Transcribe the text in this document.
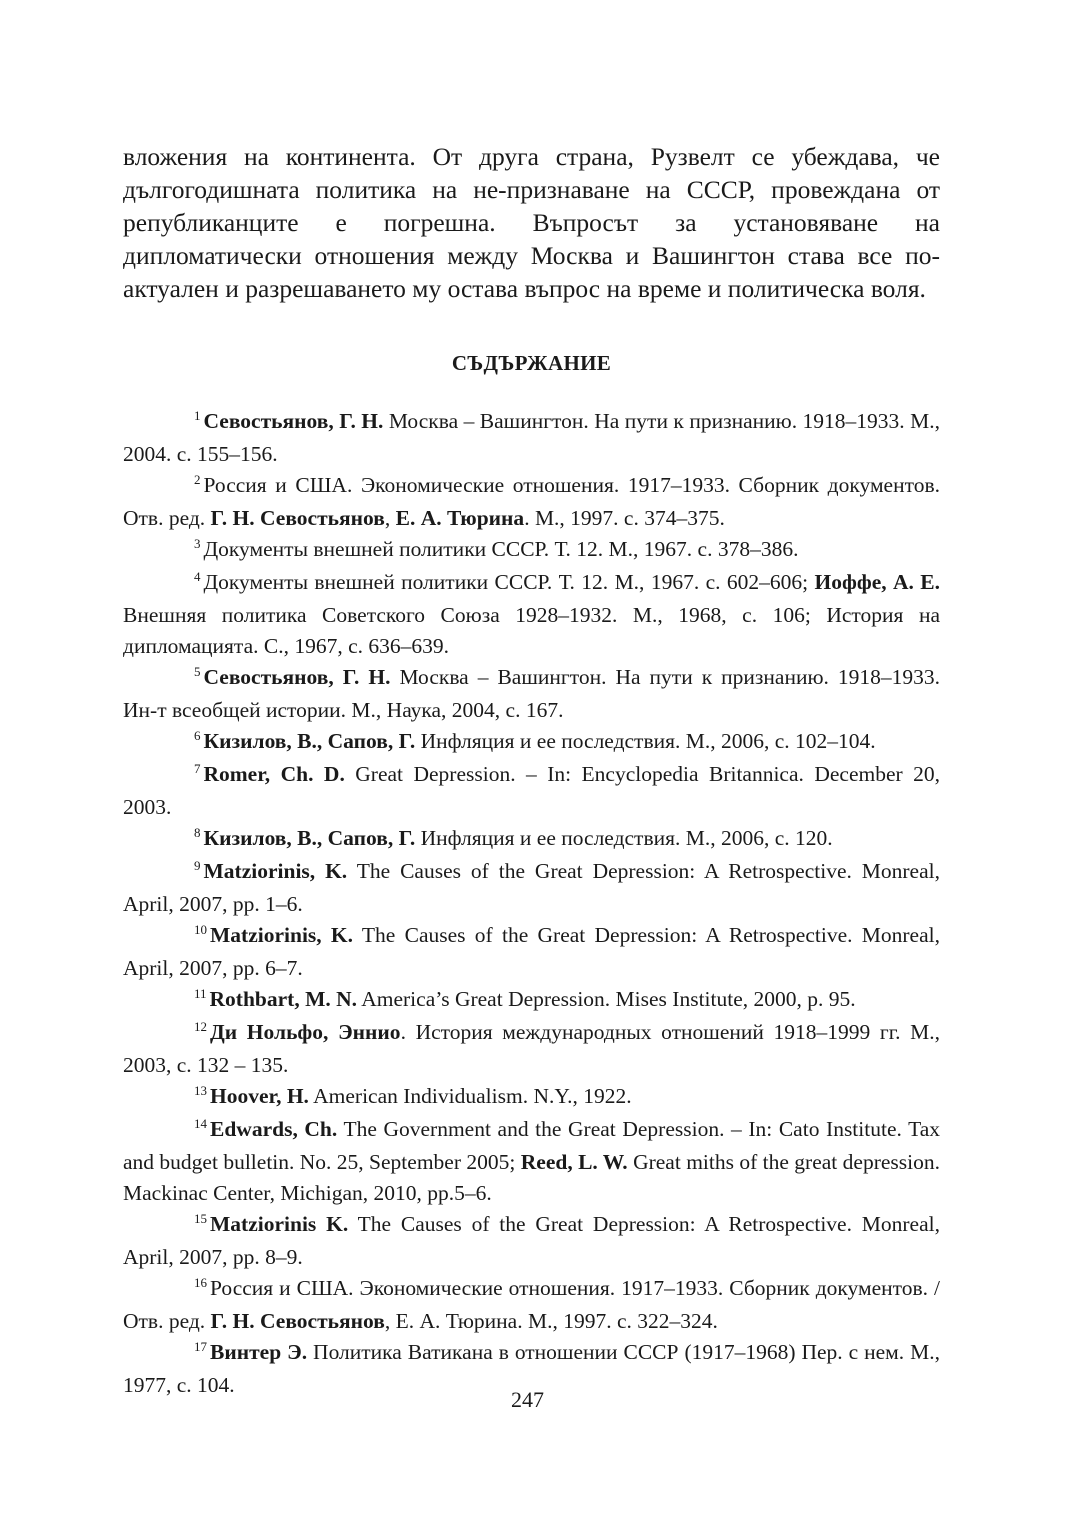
вложения на континента. От друга страна, Рузвелт се убеждава, че дългогодишната политика на не-признаване на СССР, провеждана от републиканците е погрешна. Въпросът за установяване на дипломатически отношения между Москва и Вашингтон става все по-актуален и разрешаването му остава въпрос на време и политическа воля.

СЪДЪРЖАНИЕ

$^1$ Севостьянов, Г. Н. Москва – Вашингтон. На пути к признанию. 1918–1933. М., 2004. с. 155–156.

$^2$ Россия и США. Экономические отношения. 1917–1933. Сборник документов. Отв. ред. Г. Н. Севостьянов, Е. А. Тюрина. М., 1997. с. 374–375.

$^3$ Документы внешней политики СССР. Т. 12. М., 1967. с. 378–386.

$^4$ Документы внешней политики СССР. Т. 12. М., 1967. с. 602–606; Иоффе, А. Е. Внешняя политика Советского Союза 1928–1932. М., 1968, с. 106; История на дипломацията. С., 1967, с. 636–639.

$^5$ Севостьянов, Г. Н. Москва – Вашингтон. На пути к признанию. 1918–1933. Ин-т всеобщей истории. М., Наука, 2004, с. 167.

$^6$ Кизилов, В., Сапов, Г. Инфляция и ее последствия. М., 2006, с. 102–104.

$^7$ Romer, Ch. D. Great Depression. – In: Encyclopedia Britannica. December 20, 2003.

$^8$ Кизилов, В., Сапов, Г. Инфляция и ее последствия. М., 2006, с. 120.

$^9$ Matziorinis, K. The Causes of the Great Depression: A Retrospective. Monreal, April, 2007, pp. 1–6.

$^{10}$ Matziorinis, K. The Causes of the Great Depression: A Retrospective. Monreal, April, 2007, pp. 6–7.

$^{11}$ Rothbart, M. N. America’s Great Depression. Mises Institute, 2000, p. 95.

$^{12}$ Ди Нольфо, Эннио. История международных отношений 1918–1999 гг. М., 2003, с. 132 – 135.

$^{13}$ Hoover, H. American Individualism. N.Y., 1922.

$^{14}$ Edwards, Ch. The Government and the Great Depression. – In: Cato Institute. Tax and budget bulletin. No. 25, September 2005; Reed, L. W. Great miths of the great depression. Mackinac Center, Michigan, 2010, pp.5–6.

$^{15}$ Matziorinis K. The Causes of the Great Depression: A Retrospective. Monreal, April, 2007, pp. 8–9.

$^{16}$ Россия и США. Экономические отношения. 1917–1933. Сборник документов. / Отв. ред. Г. Н. Севостьянов, Е. А. Тюрина. М., 1997. с. 322–324.

$^{17}$ Винтер Э. Политика Ватикана в отношении СССР (1917–1968) Пер. с нем. М., 1977, с. 104.

247
